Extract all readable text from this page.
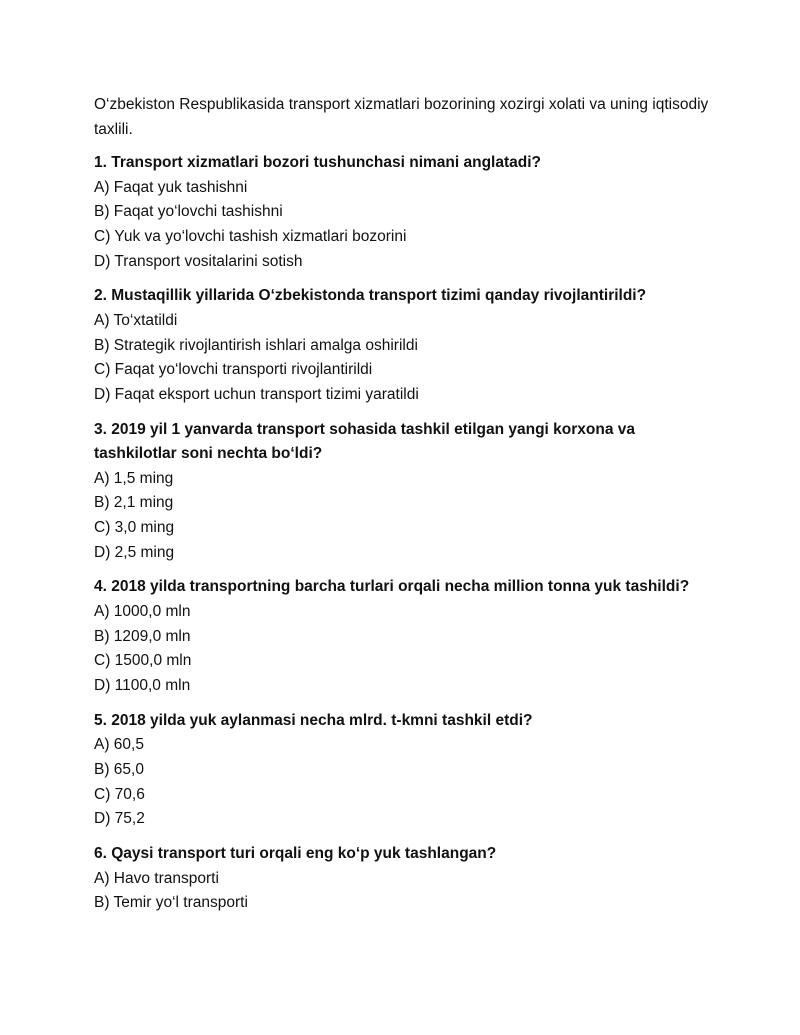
O‘zbekiston Respublikasida transport xizmatlari bozorining xozirgi xolati va uning iqtisodiy taxlili.

1. Transport xizmatlari bozori tushunchasi nimani anglatadi?

A) Faqat yuk tashishni
B) Faqat yo‘lovchi tashishni
C) Yuk va yo‘lovchi tashish xizmatlari bozorini
D) Transport vositalarini sotish

2. Mustaqillik yillarida O‘zbekistonda transport tizimi qanday rivojlantirildi?

A) To‘xtatildi
B) Strategik rivojlantirish ishlari amalga oshirildi
C) Faqat yo‘lovchi transporti rivojlantirildi
D) Faqat eksport uchun transport tizimi yaratildi

3. 2019 yil 1 yanvarda transport sohasida tashkil etilgan yangi korxona va tashkilotlar soni nechta bo‘ldi?

A) 1,5 ming
B) 2,1 ming
C) 3,0 ming
D) 2,5 ming

4. 2018 yilda transportning barcha turlari orqali necha million tonna yuk tashildi?

A) 1000,0 mln
B) 1209,0 mln
C) 1500,0 mln
D) 1100,0 mln

5. 2018 yilda yuk aylanmasi necha mlrd. t-kmni tashkil etdi?

A) 60,5
B) 65,0
C) 70,6
D) 75,2

6. Qaysi transport turi orqali eng ko‘p yuk tashlangan?

A) Havo transporti
B) Temir yo‘l transporti
